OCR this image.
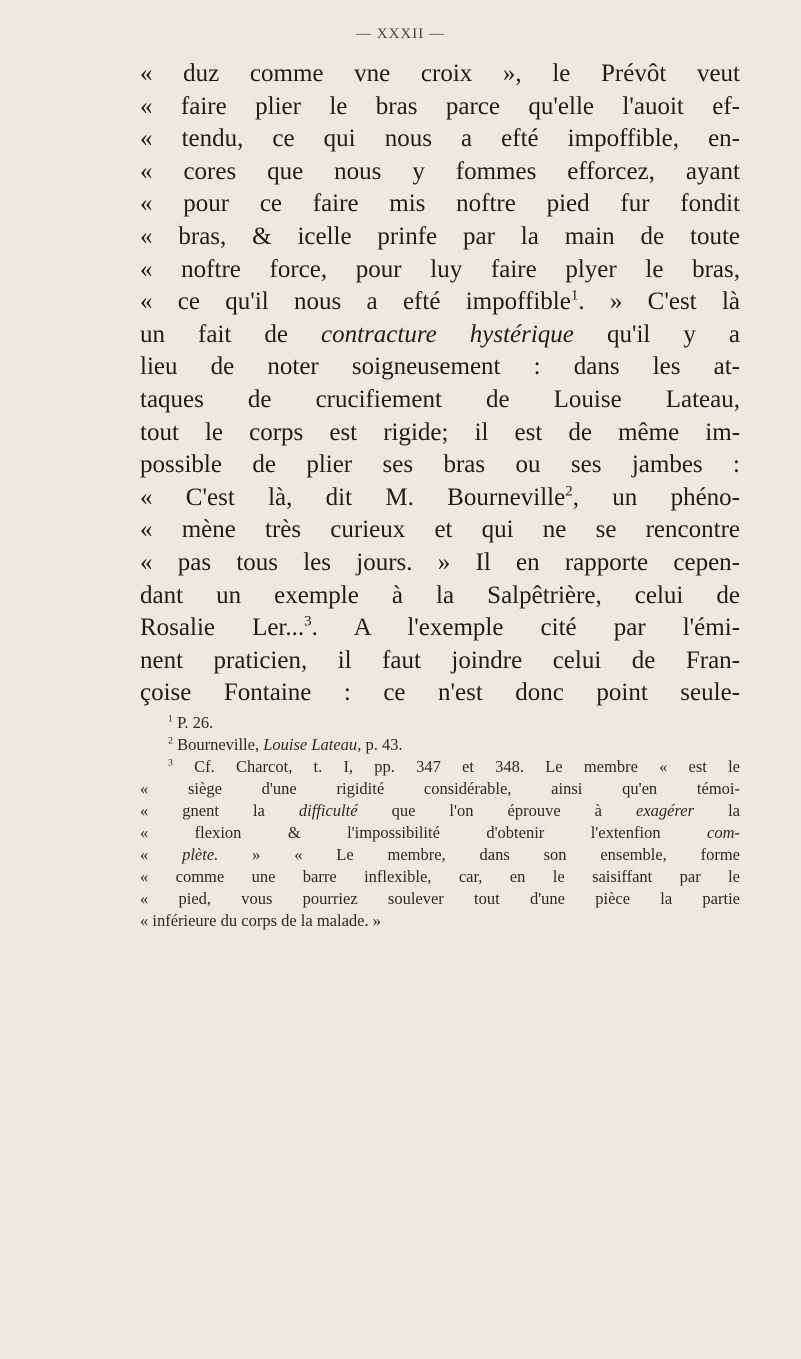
— XXXII —
« duz comme vne croix », le Prévôt veut
« faire plier le bras parce qu'elle l'auoit ef-
« tendu, ce qui nous a efté impoffible, en-
« cores que nous y fommes efforcez, ayant
« pour ce faire mis noftre pied fur fondit
« bras, & icelle prinfe par la main de toute
« noftre force, pour luy faire plyer le bras,
« ce qu'il nous a efté impoffible$^1$. » C'est là
un fait de contracture hystérique qu'il y a
lieu de noter soigneusement : dans les at-
taques de crucifiement de Louise Lateau,
tout le corps est rigide; il est de même im-
possible de plier ses bras ou ses jambes :
« C'est là, dit M. Bourneville$^2$, un phéno-
« mène très curieux et qui ne se rencontre
« pas tous les jours. » Il en rapporte cepen-
dant un exemple à la Salpêtrière, celui de
Rosalie Ler...$^3$. A l'exemple cité par l'émi-
nent praticien, il faut joindre celui de Fran-
çoise Fontaine : ce n'est donc point seule-
$^1$ P. 26.
$^2$ Bourneville, Louise Lateau, p. 43.
$^3$ Cf. Charcot, t. I, pp. 347 et 348. Le membre « est le
« siège d'une rigidité considérable, ainsi qu'en témoi-
« gnent la difficulté que l'on éprouve à exagérer la
« flexion & l'impossibilité d'obtenir l'extenfion com-
« plète. » « Le membre, dans son ensemble, forme
« comme une barre inflexible, car, en le saisiffant par le
« pied, vous pourriez soulever tout d'une pièce la partie
« inférieure du corps de la malade. »
